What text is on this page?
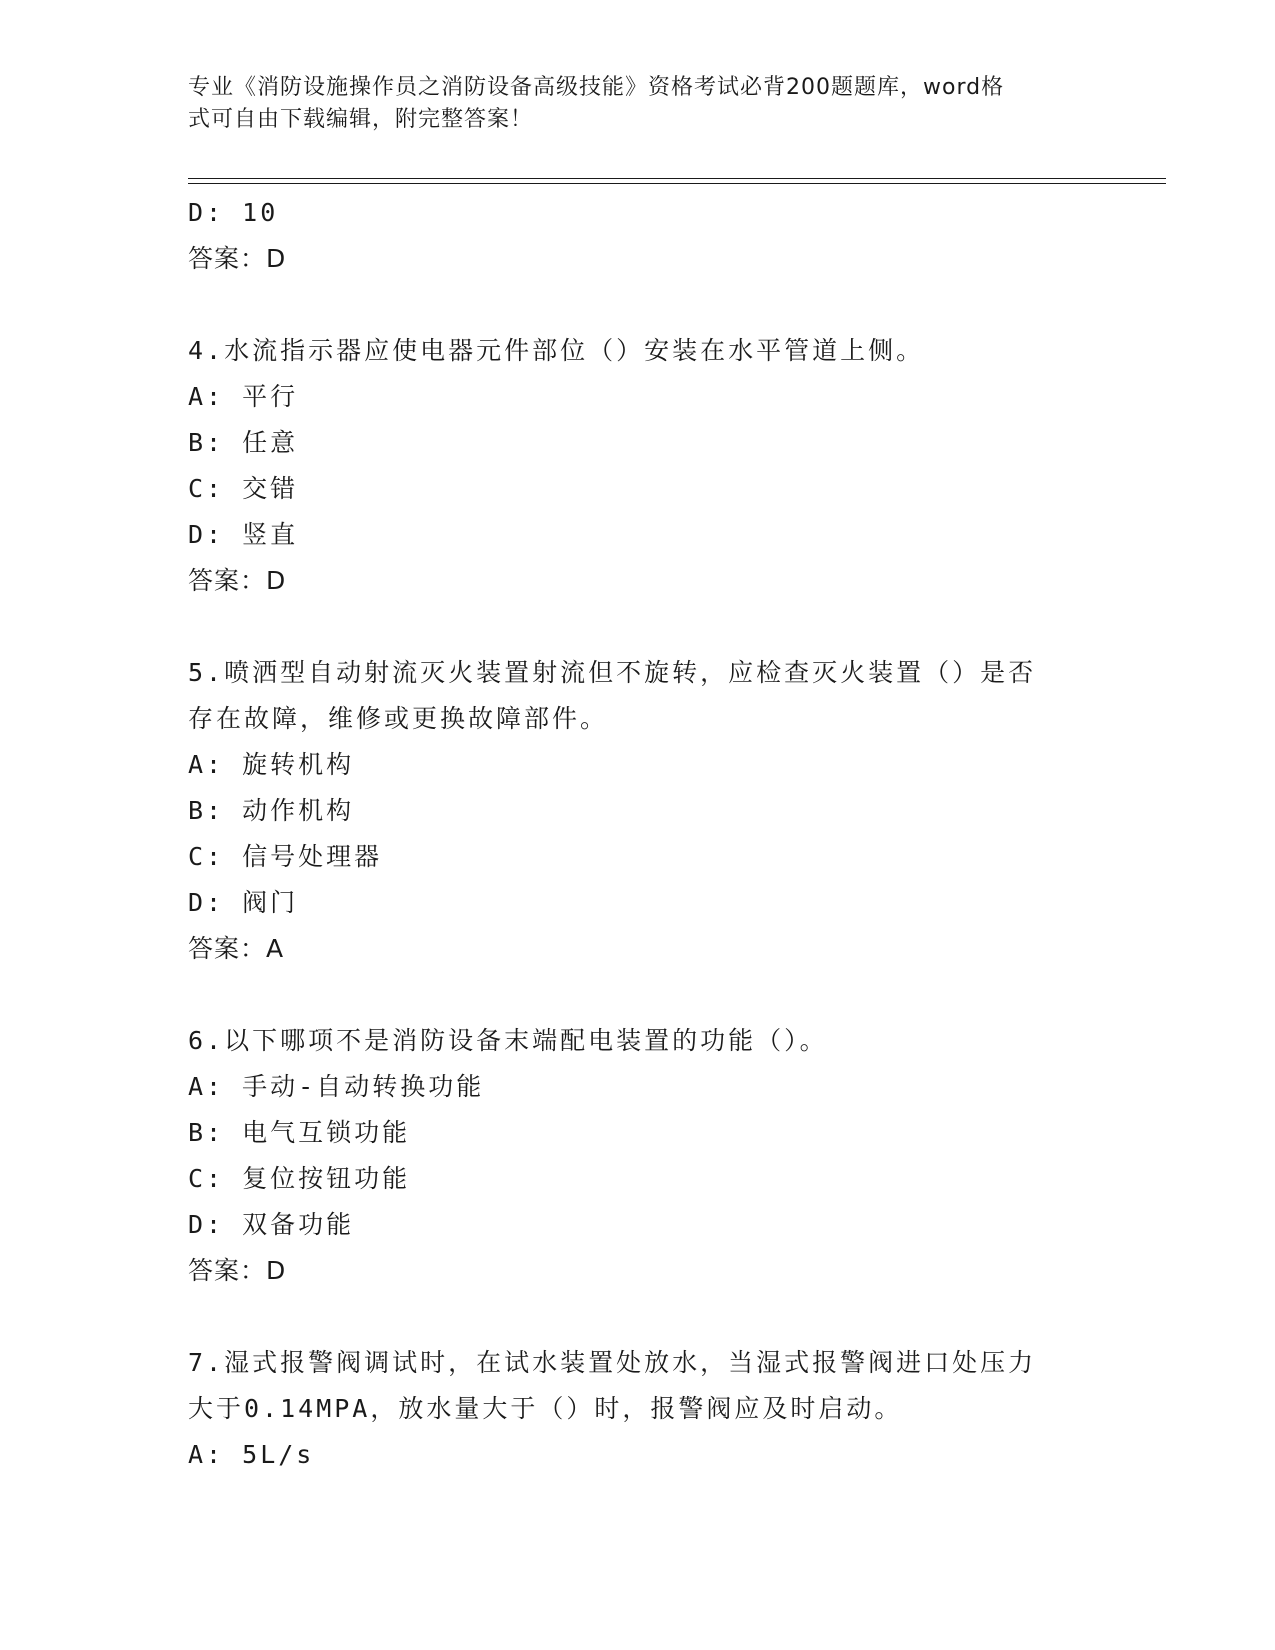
专业《消防设施操作员之消防设备高级技能》资格考试必背200题题库，word格
式可自由下载编辑，附完整答案！
D: 10
答案：D
4.水流指示器应使电器元件部位（）安装在水平管道上侧。
A: 平行
B: 任意
C: 交错
D: 竖直
答案：D
5.喷洒型自动射流灭火装置射流但不旋转，应检查灭火装置（）是否
存在故障，维修或更换故障部件。
A: 旋转机构
B: 动作机构
C: 信号处理器
D: 阀门
答案：A
6.以下哪项不是消防设备末端配电装置的功能（）。
A: 手动-自动转换功能
B: 电气互锁功能
C: 复位按钮功能
D: 双备功能
答案：D
7.湿式报警阀调试时，在试水装置处放水，当湿式报警阀进口处压力
大于0.14MPA，放水量大于（）时，报警阀应及时启动。
A: 5L/s
